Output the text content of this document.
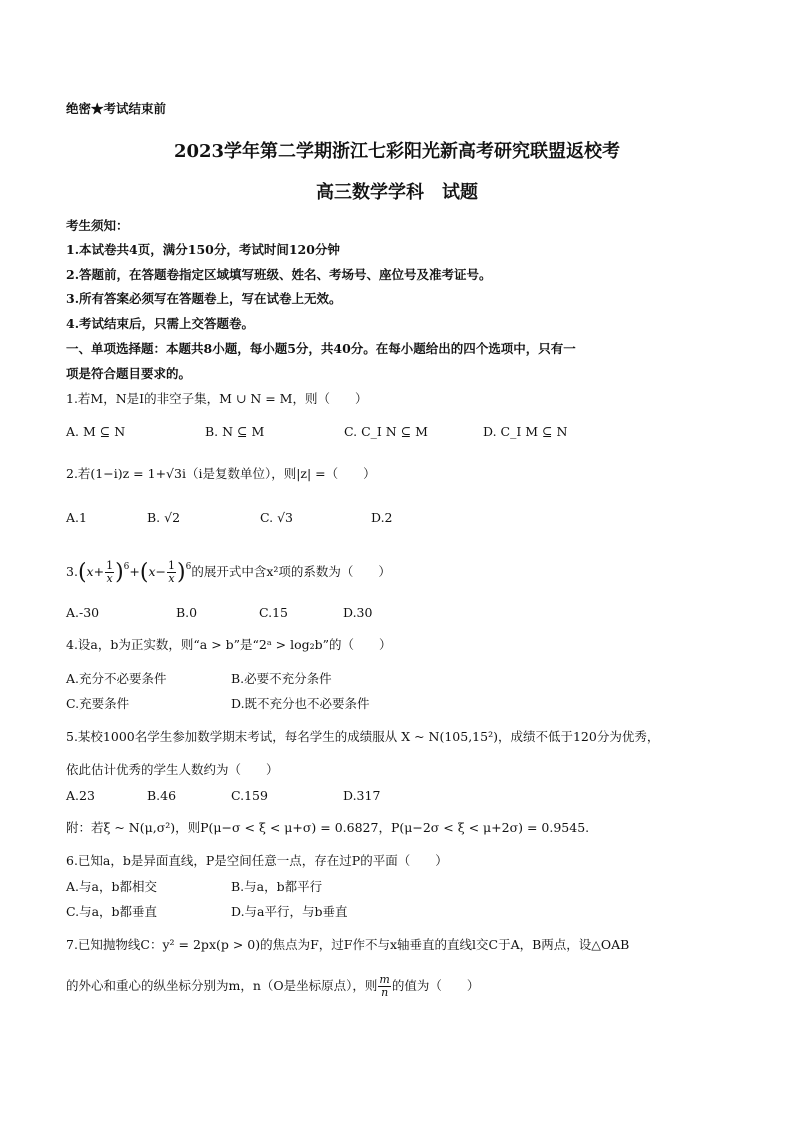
绝密★考试结束前
2023学年第二学期浙江七彩阳光新高考研究联盟返校考
高三数学学科　试题
考生须知：
1.本试卷共4页，满分150分，考试时间120分钟
2.答题前，在答题卷指定区域填写班级、姓名、考场号、座位号及准考证号。
3.所有答案必须写在答题卷上，写在试卷上无效。
4.考试结束后，只需上交答题卷。
一、单项选择题：本题共8小题，每小题5分，共40分。在每小题给出的四个选项中，只有一
项是符合题目要求的。
1.若M，N是I的非空子集，M ∪ N = M，则（　　）
A. M ⊆ N	B. N ⊆ M	C. C_I N ⊆ M	D. C_I M ⊆ N
2.若(1−i)z = 1+√3i（i是复数单位），则|z| =（　　）
A.1	B. √2	C. √3	D.2
$3.(x+ \frac{1}{x} )^6+(x- \frac{1}{x} )^6$的展开式中含x²项的系数为（　　）
A.-30	B.0	C.15	D.30
4.设a，b为正实数，则“a > b”是“2ᵃ > log₂b”的（　　）
A.充分不必要条件	B.必要不充分条件
C.充要条件	D.既不充分也不必要条件
5.某校1000名学生参加数学期末考试，每名学生的成绩服从 X ~ N(105,15²)，成绩不低于120分为优秀，
依此估计优秀的学生人数约为（　　）
A.23	B.46	C.159	D.317
附：若ξ ~ N(μ,σ²)，则P(μ−σ < ξ < μ+σ) = 0.6827，P(μ−2σ < ξ < μ+2σ) = 0.9545.
6.已知a，b是异面直线，P是空间任意一点，存在过P的平面（　　）
A.与a，b都相交	B.与a，b都平行
C.与a，b都垂直	D.与a平行，与b垂直
7.已知抛物线C：y² = 2px(p > 0)的焦点为F，过F作不与x轴垂直的直线l交C于A，B两点，设△OAB
的外心和重心的纵坐标分别为m，n（O是坐标原点），则 $\frac{m}{n}$ 的值为（　　）
